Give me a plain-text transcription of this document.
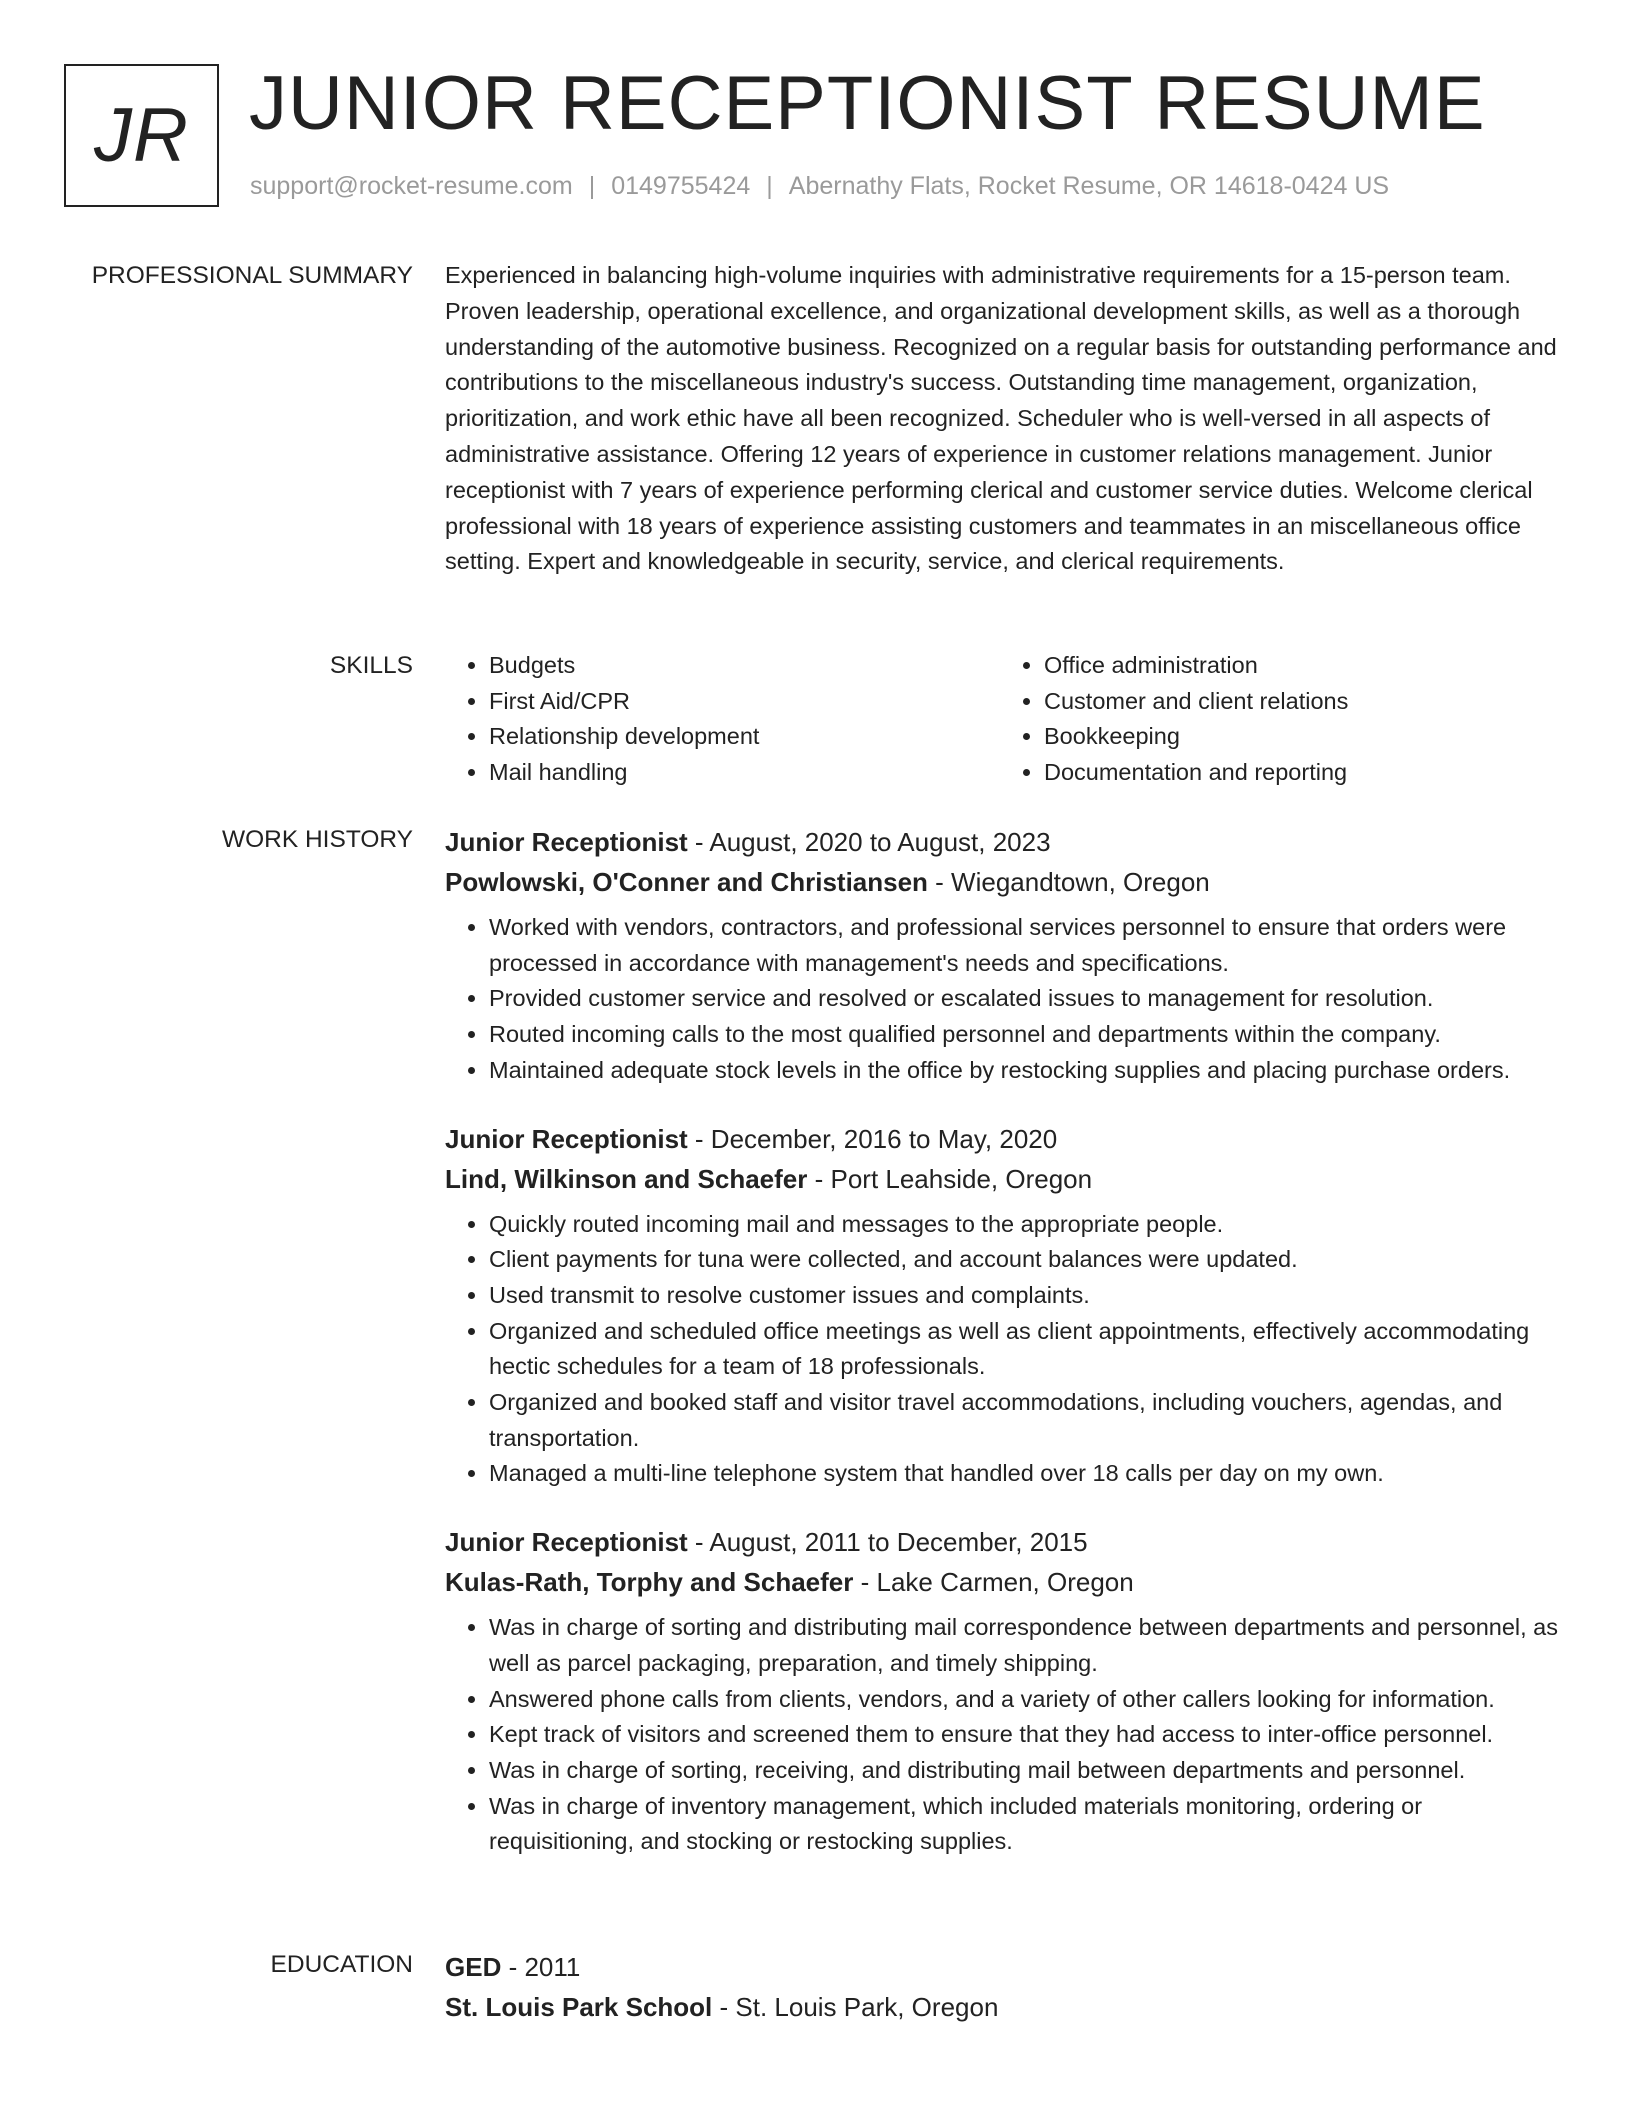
JR JUNIOR RECEPTIONIST RESUME
support@rocket-resume.com | 0149755424 | Abernathy Flats, Rocket Resume, OR 14618-0424 US
PROFESSIONAL SUMMARY Experienced in balancing high-volume inquiries with administrative requirements for a 15-person team. Proven leadership, operational excellence, and organizational development skills, as well as a thorough understanding of the automotive business. Recognized on a regular basis for outstanding performance and contributions to the miscellaneous industry's success. Outstanding time management, organization, prioritization, and work ethic have all been recognized. Scheduler who is well-versed in all aspects of administrative assistance. Offering 12 years of experience in customer relations management. Junior receptionist with 7 years of experience performing clerical and customer service duties. Welcome clerical professional with 18 years of experience assisting customers and teammates in an miscellaneous office setting. Expert and knowledgeable in security, service, and clerical requirements.

SKILLS
•	Budgets
• First Aid/CPR
• Relationship development
• Mail handling
• Office administration
• Customer and client relations
• Bookkeeping
• Documentation and reporting
WORK HISTORY Junior Receptionist - August, 2020 to August, 2023
Powlowski, O'Conner and Christiansen - Wiegandtown, Oregon
• Worked with vendors, contractors, and professional services personnel to ensure that orders were processed in accordance with management's needs and specifications.
• Provided customer service and resolved or escalated issues to management for resolution.
• Routed incoming calls to the most qualified personnel and departments within the company.
• Maintained adequate stock levels in the office by restocking supplies and placing purchase orders.
Junior Receptionist - December, 2016 to May, 2020
Lind, Wilkinson and Schaefer - Port Leahside, Oregon
• Quickly routed incoming mail and messages to the appropriate people.
• Client payments for tuna were collected, and account balances were updated.
• Used transmit to resolve customer issues and complaints.
• Organized and scheduled office meetings as well as client appointments, effectively accommodating hectic schedules for a team of 18 professionals.
• Organized and booked staff and visitor travel accommodations, including vouchers, agendas, and transportation.
• Managed a multi-line telephone system that handled over 18 calls per day on my own.
Junior Receptionist - August, 2011 to December, 2015
Kulas-Rath, Torphy and Schaefer - Lake Carmen, Oregon
• Was in charge of sorting and distributing mail correspondence between departments and personnel, as well as parcel packaging, preparation, and timely shipping.
• Answered phone calls from clients, vendors, and a variety of other callers looking for information.
• Kept track of visitors and screened them to ensure that they had access to inter-office personnel.
• Was in charge of sorting, receiving, and distributing mail between departments and personnel.
• Was in charge of inventory management, which included materials monitoring, ordering or requisitioning, and stocking or restocking supplies.
EDUCATION GED - 2011
St. Louis Park School - St. Louis Park, Oregon
